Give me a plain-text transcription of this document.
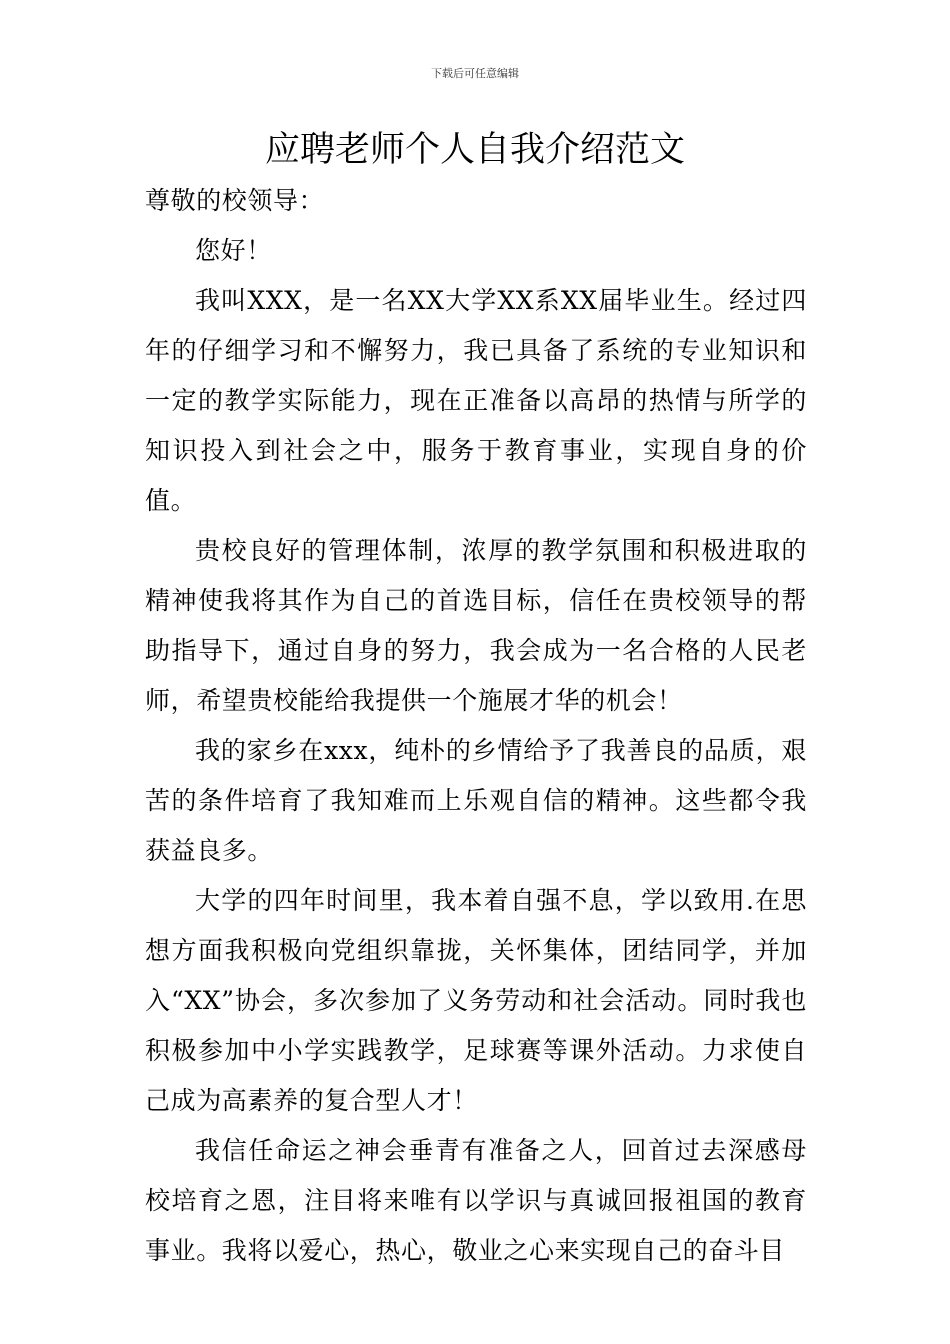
下载后可任意编辑
应聘老师个人自我介绍范文

尊敬的校领导：

您好！

我叫XXX，是一名XX大学XX系XX届毕业生。经过四年的仔细学习和不懈努力，我已具备了系统的专业知识和一定的教学实际能力，现在正准备以高昂的热情与所学的知识投入到社会之中，服务于教育事业，实现自身的价值。

贵校良好的管理体制，浓厚的教学氛围和积极进取的精神使我将其作为自己的首选目标，信任在贵校领导的帮助指导下，通过自身的努力，我会成为一名合格的人民老师，希望贵校能给我提供一个施展才华的机会！

我的家乡在xxx，纯朴的乡情给予了我善良的品质，艰苦的条件培育了我知难而上乐观自信的精神。这些都令我获益良多。

大学的四年时间里，我本着自强不息，学以致用.在思想方面我积极向党组织靠拢，关怀集体，团结同学，并加入“XX”协会，多次参加了义务劳动和社会活动。同时我也积极参加中小学实践教学，足球赛等课外活动。力求使自己成为高素养的复合型人才！

我信任命运之神会垂青有准备之人，回首过去深感母校培育之恩，注目将来唯有以学识与真诚回报祖国的教育事业。我将以爱心，热心，敬业之心来实现自己的奋斗目
